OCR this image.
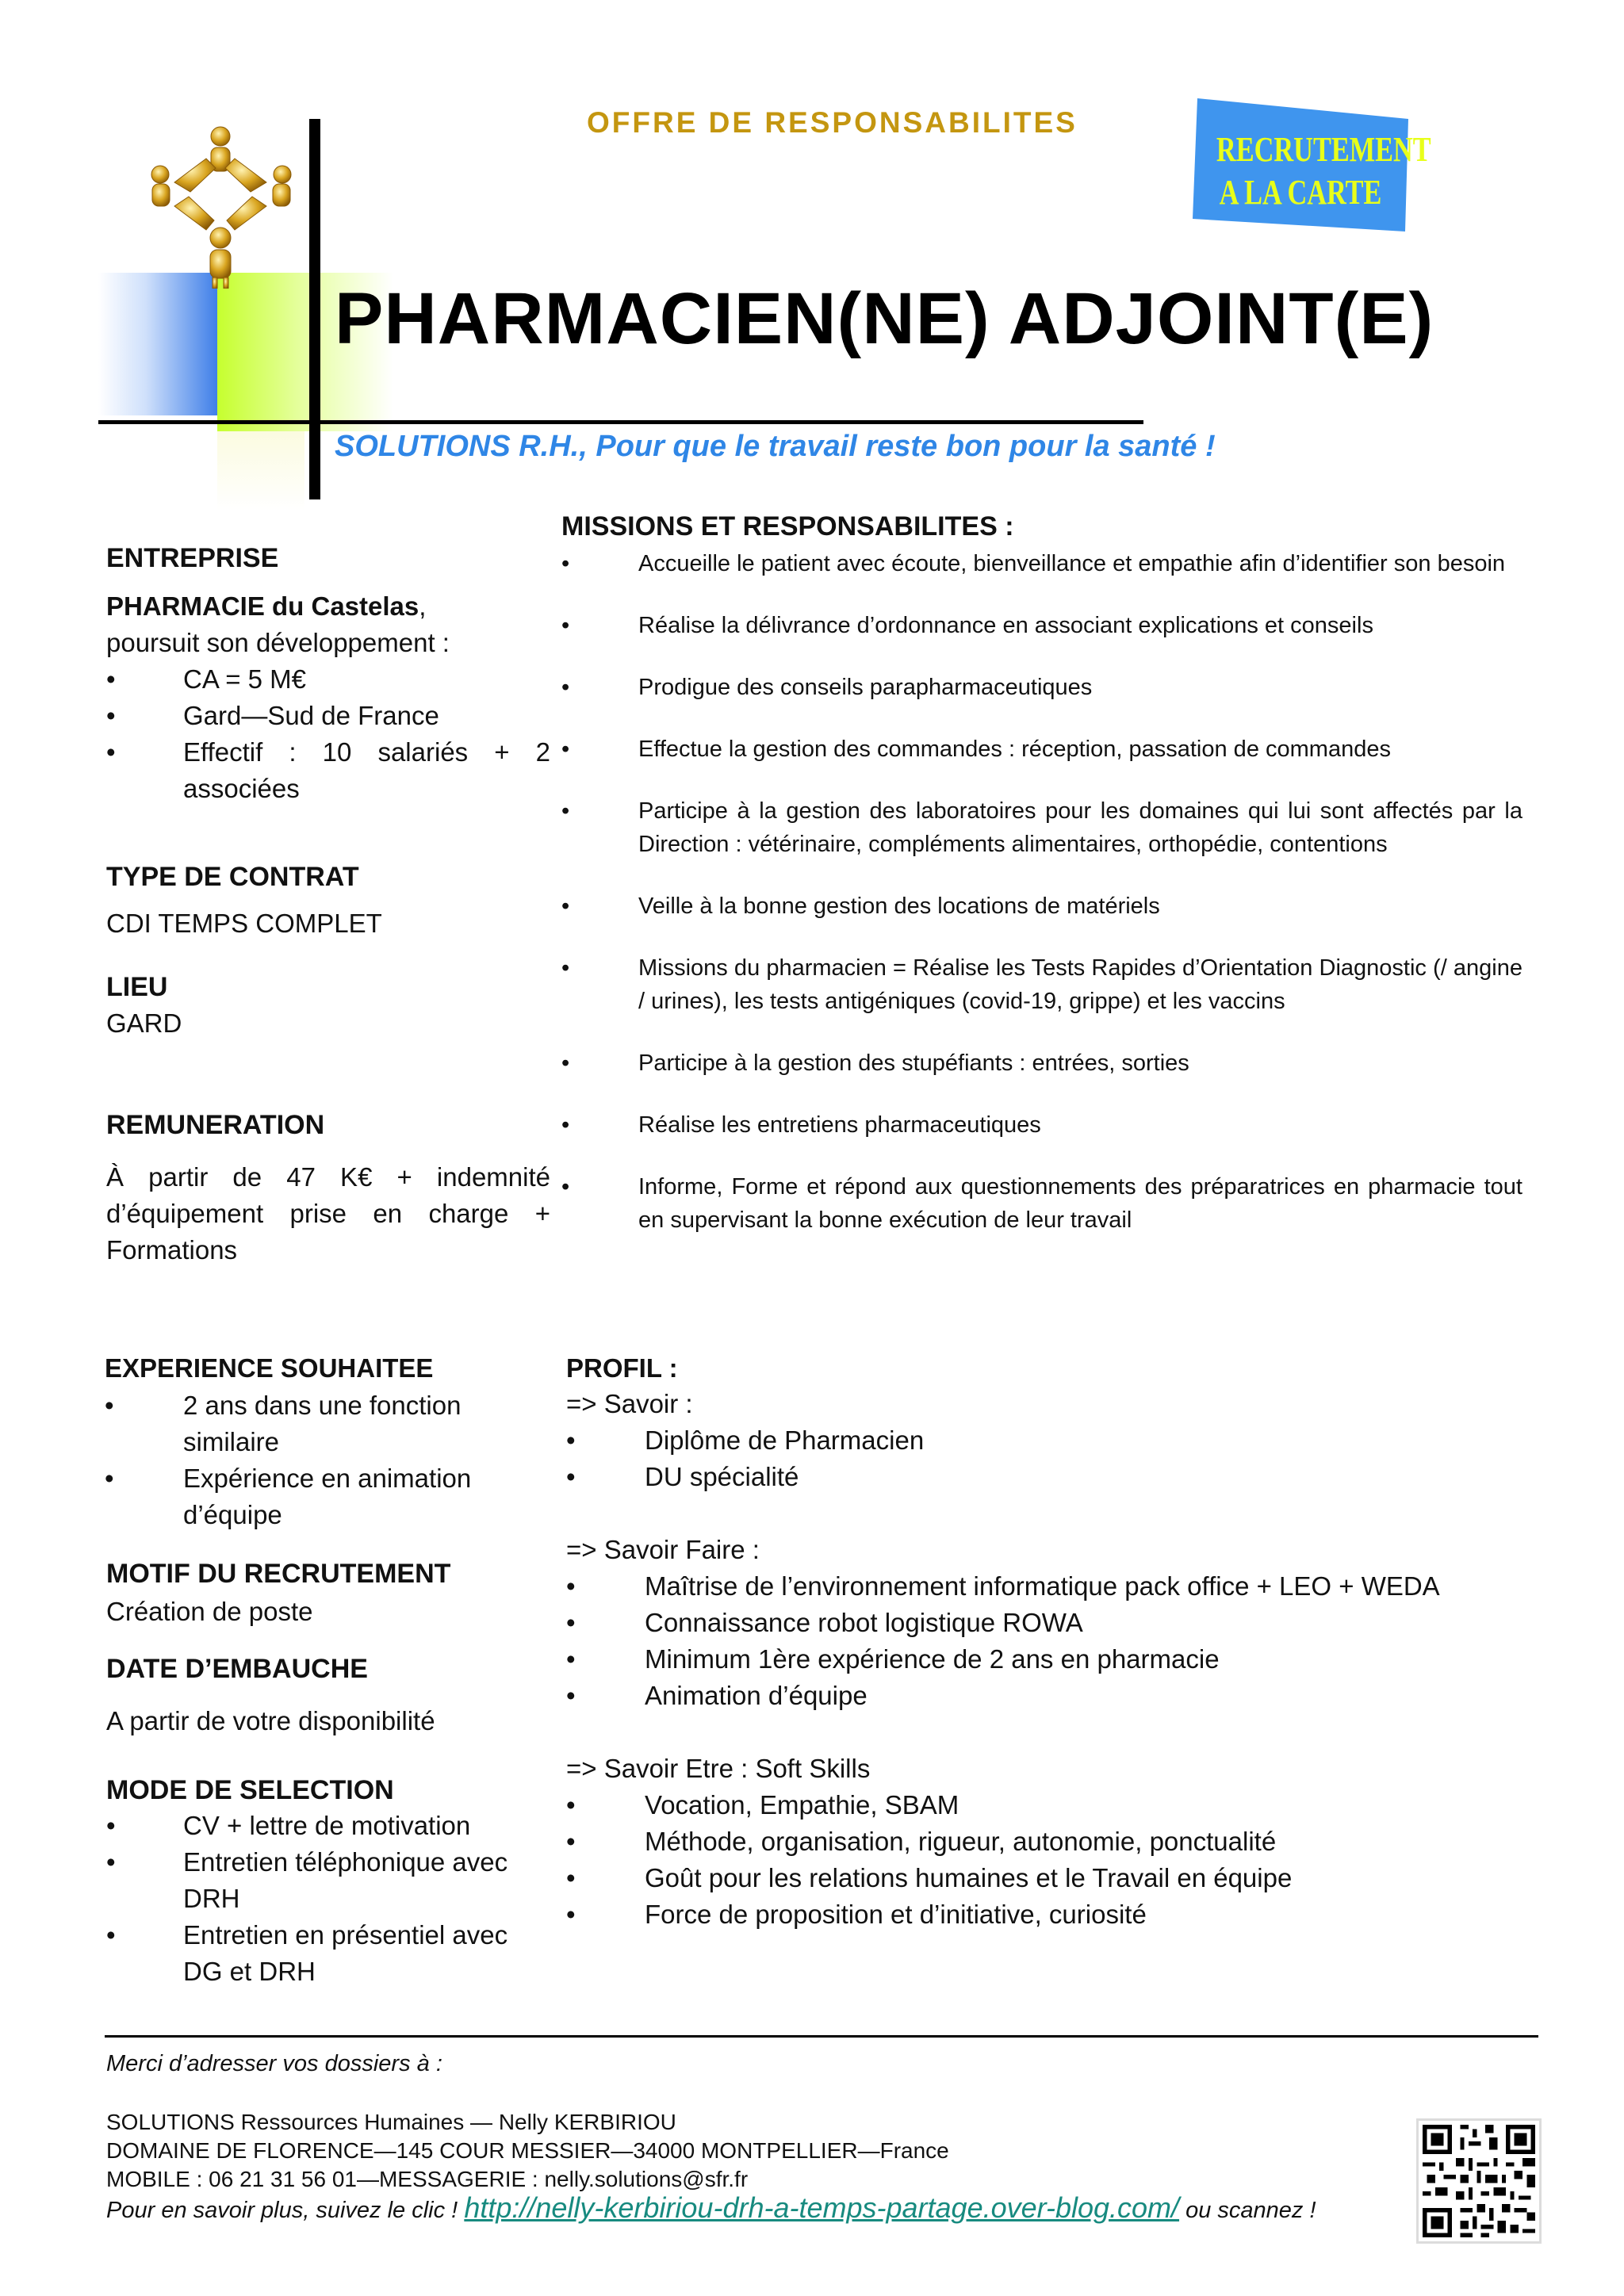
OFFRE DE RESPONSABILITES
RECRUTEMENT
A LA CARTE
PHARMACIEN(NE) ADJOINT(E)
SOLUTIONS R.H., Pour que le travail reste bon pour la santé !
ENTREPRISE
PHARMACIE du Castelas,
poursuit son développement :
•	CA = 5 M€
•	Gard—Sud de France
•	Effectif : 10 salariés + 2 associées
TYPE DE CONTRAT
CDI TEMPS COMPLET
LIEU
GARD
REMUNERATION
À partir de 47 K€ + indemnité d’équipement prise en charge + Formations
EXPERIENCE SOUHAITEE
•	2 ans dans une fonction similaire
•	Expérience en animation d’équipe
MOTIF DU RECRUTEMENT
Création de poste
DATE D’EMBAUCHE
A partir de votre disponibilité
MODE DE SELECTION
•	CV + lettre de motivation
•	Entretien téléphonique avec DRH
•	Entretien en présentiel avec DG et DRH
MISSIONS ET RESPONSABILITES :
•	Accueille le patient avec écoute, bienveillance et empathie afin d’identifier son besoin
•	Réalise la délivrance d’ordonnance en associant explications et conseils
•	Prodigue des conseils parapharmaceutiques
•	Effectue la gestion des commandes : réception, passation de commandes
•	Participe à la gestion des laboratoires pour les domaines qui lui sont affectés par la Direction : vétérinaire, compléments alimentaires, orthopédie, contentions
•	Veille à la bonne gestion des locations de matériels
•	Missions du pharmacien = Réalise les Tests Rapides d’Orientation Diagnostic (/ angine / urines), les tests antigéniques (covid-19, grippe) et les vaccins
•	Participe à la gestion des stupéfiants : entrées, sorties
•	Réalise les entretiens pharmaceutiques
•	Informe, Forme et répond aux questionnements des préparatrices en pharmacie tout en supervisant la bonne exécution de leur travail
PROFIL :
=> Savoir :
•	Diplôme de Pharmacien
•	DU spécialité
=> Savoir Faire :
•	Maîtrise de l’environnement informatique pack office + LEO + WEDA
•	Connaissance robot logistique ROWA
•	Minimum 1ère expérience de 2 ans en pharmacie
•	Animation d’équipe
=> Savoir Etre : Soft Skills
•	Vocation, Empathie, SBAM
•	Méthode, organisation, rigueur, autonomie, ponctualité
•	Goût pour les relations humaines et le Travail en équipe
•	Force de proposition et d’initiative, curiosité
Merci d’adresser vos dossiers à :
SOLUTIONS Ressources Humaines — Nelly KERBIRIOU
DOMAINE DE FLORENCE—145 COUR MESSIER—34000 MONTPELLIER—France
MOBILE : 06 21 31 56 01—MESSAGERIE : nelly.solutions@sfr.fr
Pour en savoir plus, suivez le clic ! http://nelly-kerbiriou-drh-a-temps-partage.over-blog.com/ ou scannez !
